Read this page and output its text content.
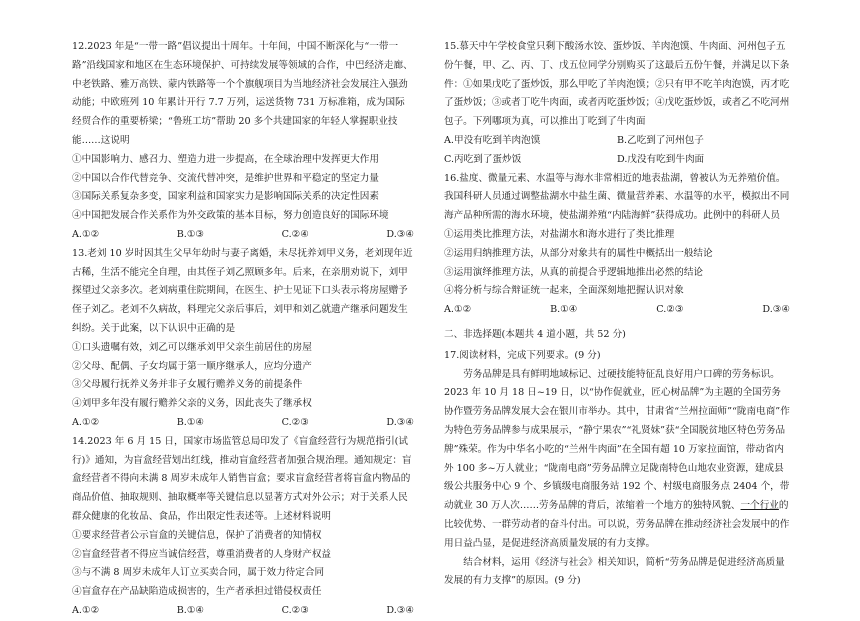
12.2023 年是“一带一路”倡议提出十周年。十年间，中国不断深化与“一带一路”沿线国家和地区在生态环境保护、可持续发展等领域的合作，中巴经济走廊、中老铁路、雅万高铁、蒙内铁路等一个个旗舰项目为当地经济社会发展注入强劲动能；中欧班列 10 年累计开行 7.7 万列，运送货物 731 万标准箱，成为国际经贸合作的重要桥梁；“鲁班工坊”帮助 20 多个共建国家的年轻人掌握职业技能……这说明

①中国影响力、感召力、塑造力进一步提高，在全球治理中发挥更大作用

②中国以合作代替竞争、交流代替冲突，是维护世界和平稳定的坚定力量

③国际关系复杂多变，国家利益和国家实力是影响国际关系的决定性因素

④中国把发展合作关系作为外交政策的基本目标，努力创造良好的国际环境

A.①②	B.①③	C.②④	D.③④

13.老刘 10 岁时因其生父早年幼时与妻子离婚，未尽抚养刘甲义务，老刘现年近古稀，生活不能完全自理，由其侄子刘乙照顾多年。后来，在亲朋劝说下，刘甲探望过父亲多次。老刘病重住院期间，在医生、护士见证下口头表示将房屋赠予侄子刘乙。老刘不久病故，料理完父亲后事后，刘甲和刘乙就遗产继承问题发生纠纷。关于此案，以下认识中正确的是

①口头遗嘱有效，刘乙可以继承刘甲父亲生前居住的房屋

②父母、配偶、子女均属于第一顺序继承人，应均分遗产

③父母履行抚养义务并非子女履行赡养义务的前提条件

④刘甲多年没有履行赡养父亲的义务，因此丧失了继承权

A.①②	B.①④	C.②③	D.③④

14.2023 年 6 月 15 日，国家市场监管总局印发了《盲盒经营行为规范指引(试行)》通知，为盲盒经营划出红线，推动盲盒经营者加强合规治理。通知规定：盲盒经营者不得向未满 8 周岁未成年人销售盲盒；要求盲盒经营者将盲盒内物品的商品价值、抽取规则、抽取概率等关键信息以显著方式对外公示；对于关系人民群众健康的化妆品、食品，作出限定性表述等。上述材料说明

①要求经营者公示盲盒的关键信息，保护了消费者的知情权

②盲盒经营者不得应当诚信经营，尊重消费者的人身财产权益

③与不满 8 周岁未成年人订立买卖合同，属于效力待定合同

④盲盒存在产品缺陷造成损害的，生产者承担过错侵权责任

A.①②	B.①④	C.②③	D.③④

15.慕天中午学校食堂只剩下酸汤水饺、蛋炒饭、羊肉泡馍、牛肉面、河州包子五份午餐，甲、乙、丙、丁、戊五位同学分别购买了这最后五份午餐，并满足以下条件：①如果戊吃了蛋炒饭，那么甲吃了羊肉泡馍；②只有甲不吃羊肉泡馍，丙才吃了蛋炒饭；③或者丁吃牛肉面，或者丙吃蛋炒饭；④戊吃蛋炒饭，或者乙不吃河州包子。下列哪项为真，可以推出丁吃到了牛肉面

A.甲没有吃到羊肉泡馍	B.乙吃到了河州包子
C.丙吃到了蛋炒饭	D.戊没有吃到牛肉面

16.盐度、微量元素、水温等与海水非常相近的地表盐湖，曾被认为无养殖价值。我国科研人员通过调整盐湖水中盐生菌、微量营养素、水温等的水平，模拟出不同海产品种所需的海水环境，使盐湖养殖“内陆海鲜”获得成功。此例中的科研人员

①运用类比推理方法，对盐湖水和海水进行了类比推理

②运用归纳推理方法，从部分对象共有的属性中概括出一般结论

③运用演绎推理方法，从真的前提合乎逻辑地推出必然的结论

④将分析与综合辩证统一起来，全面深刻地把握认识对象

A.①②	B.①④	C.②③	D.③④

二、非选择题(本题共 4 道小题，共 52 分)

17.阅读材料，完成下列要求。(9 分)

劳务品牌是具有鲜明地域标记、过硬技能特征乱良好用户口碑的劳务标识。2023 年 10 月 18 日~19 日，以“协作促就业，匠心树品牌”为主题的全国劳务协作暨劳务品牌发展大会在银川市举办。其中，甘肃省“兰州拉面师”“陇南电商”作为特色劳务品牌参与成果展示，“静宁果农”“礼贤妹”获“全国脱贫地区特色劳务品牌”殊荣。作为中华名小吃的“兰州牛肉面”在全国有超 10 万家拉面馆，带动省内外 100 多~万人就业；“陇南电商”劳务品牌立足陇南特色山地农业资源，建成县级公共服务中心 9 个、乡镇级电商服务站 192 个、村级电商服务点 2404 个，带动就业 30 万人次……劳务品牌的背后，浓缩着一个地方的独特风貌、一个行业的比较优势、一群劳动者的奋斗付出。可以说，劳务品牌在推动经济社会发展中的作用日益凸显，是促进经济高质量发展的有力支撑。

结合材料，运用《经济与社会》相关知识，简析“劳务品牌是促进经济高质量发展的有力支撑”的原因。(9 分)
